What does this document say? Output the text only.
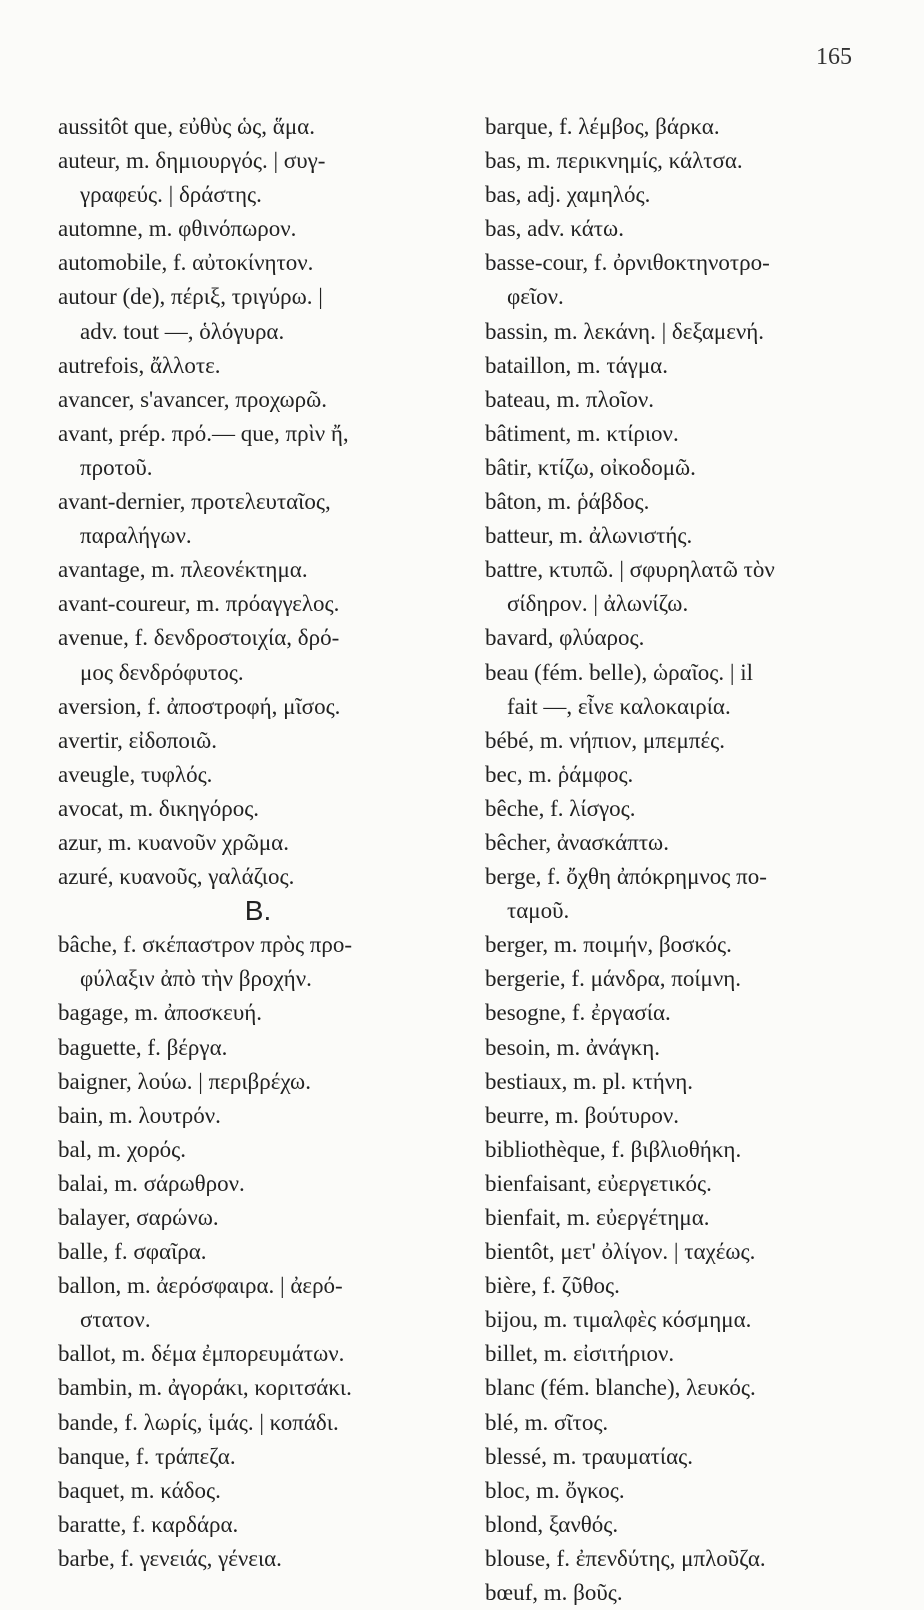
165
aussitôt que, εὐθὺς ὡς, ἅμα.
auteur, m. δημιουργός. | συγ-
γραφεύς. | δράστης.
automne, m. φθινόπωρον.
automobile, f. αὐτοκίνητον.
autour (de), πέριξ, τριγύρω. |
adv. tout —, ὁλόγυρα.
autrefois, ἄλλοτε.
avancer, s'avancer, προχωρῶ.
avant, prép. πρό.— que, πρὶν ἤ,
προτοῦ.
avant-dernier, προτελευταῖος,
παραλήγων.
avantage, m. πλεονέκτημα.
avant-coureur, m. πρόαγγελος.
avenue, f. δενδροστοιχία, δρό-
μος δενδρόφυτος.
aversion, f. ἀποστροφή, μῖσος.
avertir, εἰδοποιῶ.
aveugle, τυφλός.
avocat, m. δικηγόρος.
azur, m. κυανοῦν χρῶμα.
azuré, κυανοῦς, γαλάζιος.
B.
bâche, f. σκέπαστρον πρὸς προ-
φύλαξιν ἀπὸ τὴν βροχήν.
bagage, m. ἀποσκευή.
baguette, f. βέργα.
baigner, λούω. | περιβρέχω.
bain, m. λουτρόν.
bal, m. χορός.
balai, m. σάρωθρον.
balayer, σαρώνω.
balle, f. σφαῖρα.
ballon, m. ἀερόσφαιρα. | ἀερό-
στατον.
ballot, m. δέμα ἐμπορευμάτων.
bambin, m. ἀγοράκι, κοριτσάκι.
bande, f. λωρίς, ἱμάς. | κοπάδι.
banque, f. τράπεζα.
baquet, m. κάδος.
baratte, f. καρδάρα.
barbe, f. γενειάς, γένεια.
barque, f. λέμβος, βάρκα.
bas, m. περικνημίς, κάλτσα.
bas, adj. χαμηλός.
bas, adv. κάτω.
basse-cour, f. ὀρνιθοκτηνοτρο-
φεῖον.
bassin, m. λεκάνη. | δεξαμενή.
bataillon, m. τάγμα.
bateau, m. πλοῖον.
bâtiment, m. κτίριον.
bâtir, κτίζω, οἰκοδομῶ.
bâton, m. ῥάβδος.
batteur, m. ἀλωνιστής.
battre, κτυπῶ. | σφυρηλατῶ τὸν
σίδηρον. | ἀλωνίζω.
bavard, φλύαρος.
beau (fém. belle), ὡραῖος. | il
fait —, εἶνε καλοκαιρία.
bébé, m. νήπιον, μπεμπές.
bec, m. ῥάμφος.
bêche, f. λίσγος.
bêcher, ἀνασκάπτω.
berge, f. ὄχθη ἀπόκρημνος πο-
ταμοῦ.
berger, m. ποιμήν, βοσκός.
bergerie, f. μάνδρα, ποίμνη.
besogne, f. ἐργασία.
besoin, m. ἀνάγκη.
bestiaux, m. pl. κτήνη.
beurre, m. βούτυρον.
bibliothèque, f. βιβλιοθήκη.
bienfaisant, εὐεργετικός.
bienfait, m. εὐεργέτημα.
bientôt, μετ' ὀλίγον. | ταχέως.
bière, f. ζῦθος.
bijou, m. τιμαλφὲς κόσμημα.
billet, m. εἰσιτήριον.
blanc (fém. blanche), λευκός.
blé, m. σῖτος.
blessé, m. τραυματίας.
bloc, m. ὄγκος.
blond, ξανθός.
blouse, f. ἐπενδύτης, μπλοῦζα.
bœuf, m. βοῦς.
